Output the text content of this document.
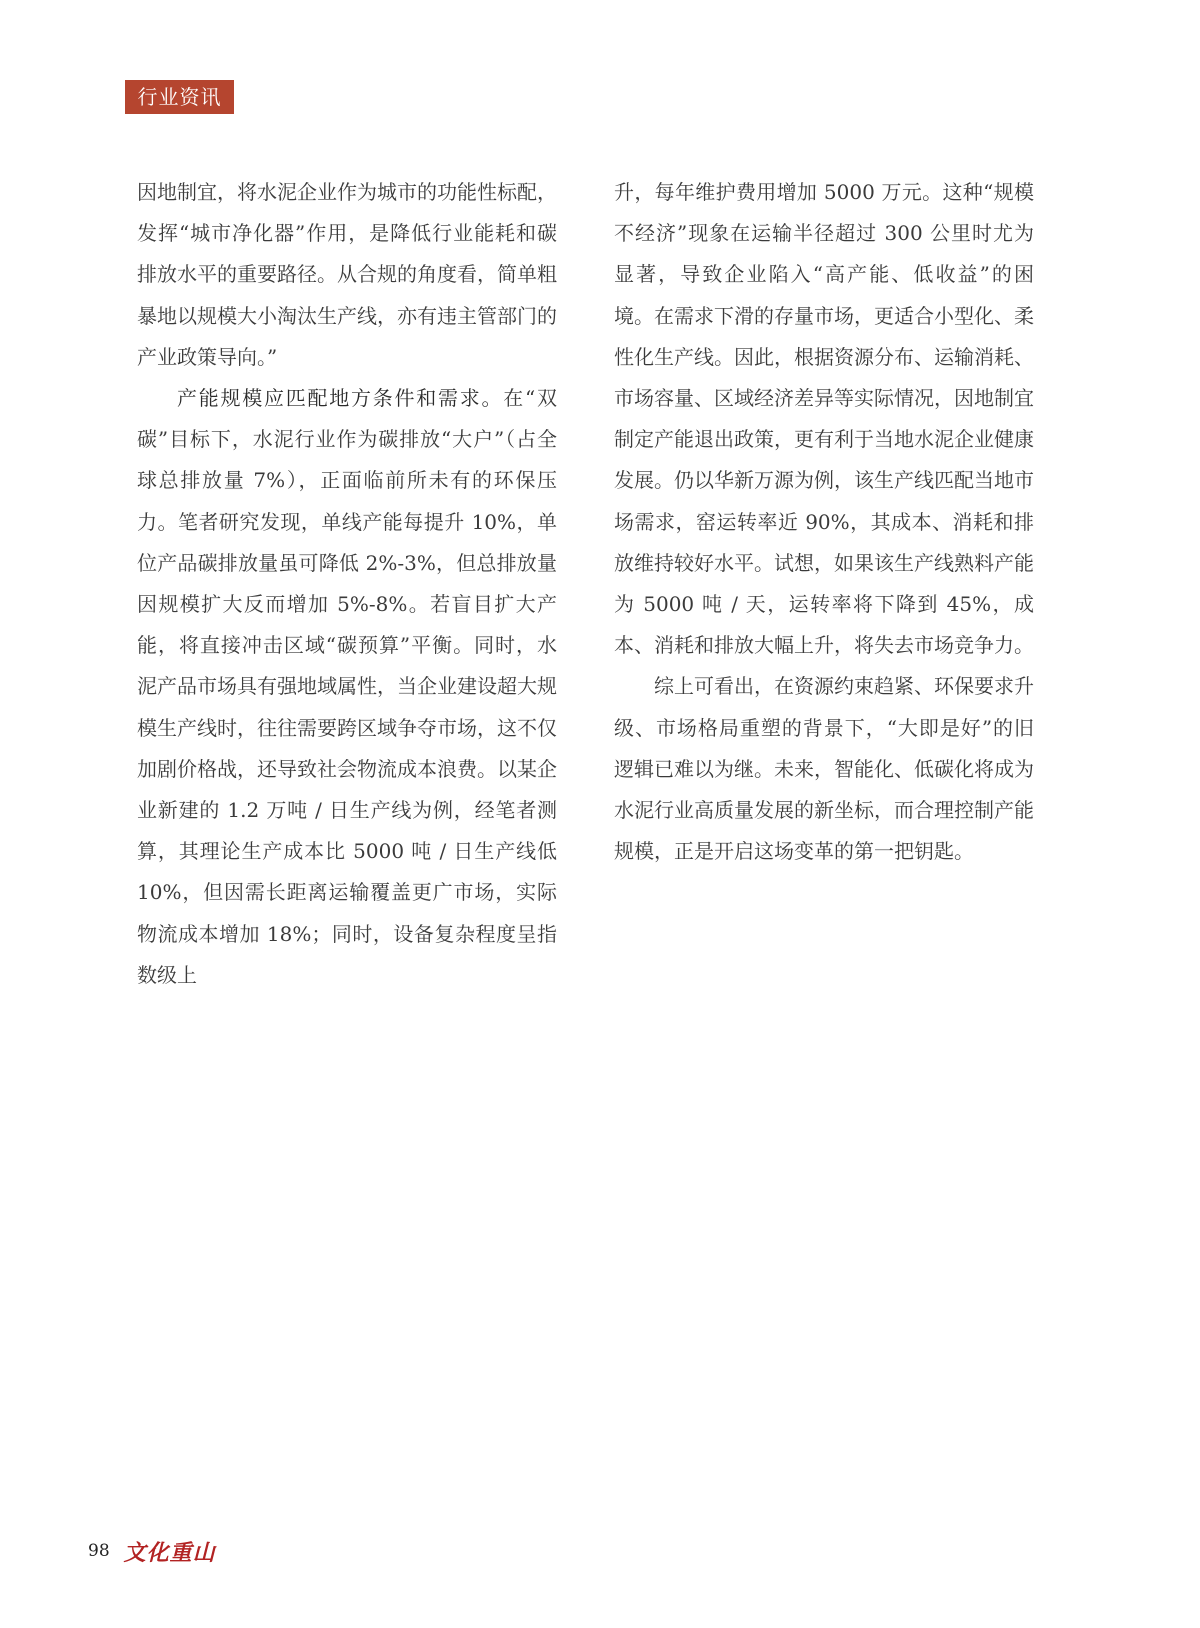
行业资讯

因地制宜，将水泥企业作为城市的功能性标配，发挥“城市净化器”作用，是降低行业能耗和碳排放水平的重要路径。从合规的角度看，简单粗暴地以规模大小淘汰生产线，亦有违主管部门的产业政策导向。”

产能规模应匹配地方条件和需求。在“双碳”目标下，水泥行业作为碳排放“大户”（占全球总排放量 7%），正面临前所未有的环保压力。笔者研究发现，单线产能每提升 10%，单位产品碳排放量虽可降低 2%-3%，但总排放量因规模扩大反而增加 5%-8%。若盲目扩大产能，将直接冲击区域“碳预算”平衡。同时，水泥产品市场具有强地域属性，当企业建设超大规模生产线时，往往需要跨区域争夺市场，这不仅加剧价格战，还导致社会物流成本浪费。以某企业新建的 1.2 万吨 / 日生产线为例，经笔者测算，其理论生产成本比 5000 吨 / 日生产线低 10%，但因需长距离运输覆盖更广市场，实际物流成本增加 18%；同时，设备复杂程度呈指数级上

升，每年维护费用增加 5000 万元。这种“规模不经济”现象在运输半径超过 300 公里时尤为显著，导致企业陷入“高产能、低收益”的困境。在需求下滑的存量市场，更适合小型化、柔性化生产线。因此，根据资源分布、运输消耗、市场容量、区域经济差异等实际情况，因地制宜制定产能退出政策，更有利于当地水泥企业健康发展。仍以华新万源为例，该生产线匹配当地市场需求，窑运转率近 90%，其成本、消耗和排放维持较好水平。试想，如果该生产线熟料产能为 5000 吨 / 天，运转率将下降到 45%，成本、消耗和排放大幅上升，将失去市场竞争力。

综上可看出，在资源约束趋紧、环保要求升级、市场格局重塑的背景下，“大即是好”的旧逻辑已难以为继。未来，智能化、低碳化将成为水泥行业高质量发展的新坐标，而合理控制产能规模，正是开启这场变革的第一把钥匙。

98 文化重山
